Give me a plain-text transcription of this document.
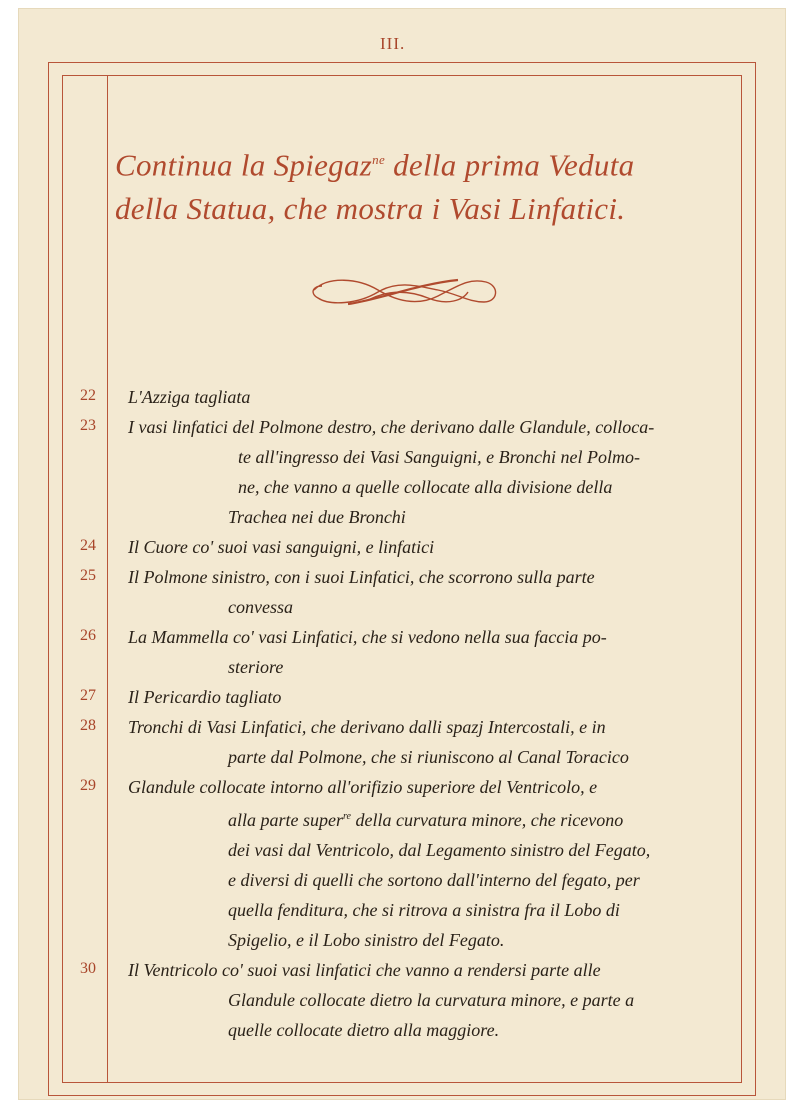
III.
Continua la Spiegaz$^{ne}$ della prima Veduta
della Statua, che mostra i Vasi Linfatici.
22	L'Azziga tagliata
23	I vasi linfatici del Polmone destro, che derivano dalle Glandule, colloca-
te all'ingresso dei Vasi Sanguigni, e Bronchi nel Polmo-
ne, che vanno a quelle collocate alla divisione della
Trachea nei due Bronchi
24	Il Cuore co' suoi vasi sanguigni, e linfatici
25	Il Polmone sinistro, con i suoi Linfatici, che scorrono sulla parte
convessa
26	La Mammella co' vasi Linfatici, che si vedono nella sua faccia po-
steriore
27	Il Pericardio tagliato
28	Tronchi di Vasi Linfatici, che derivano dalli spazj Intercostali, e in
parte dal Polmone, che si riuniscono al Canal Toracico
29	Glandule collocate intorno all'orifizio superiore del Ventricolo, e
alla parte super$^{re}$ della curvatura minore, che ricevono
dei vasi dal Ventricolo, dal Legamento sinistro del Fegato,
e diversi di quelli che sortono dall'interno del fegato, per
quella fenditura, che si ritrova a sinistra fra il Lobo di
Spigelio, e il Lobo sinistro del Fegato.
30	Il Ventricolo co' suoi vasi linfatici che vanno a rendersi parte alle
Glandule collocate dietro la curvatura minore, e parte a
quelle collocate dietro alla maggiore.
